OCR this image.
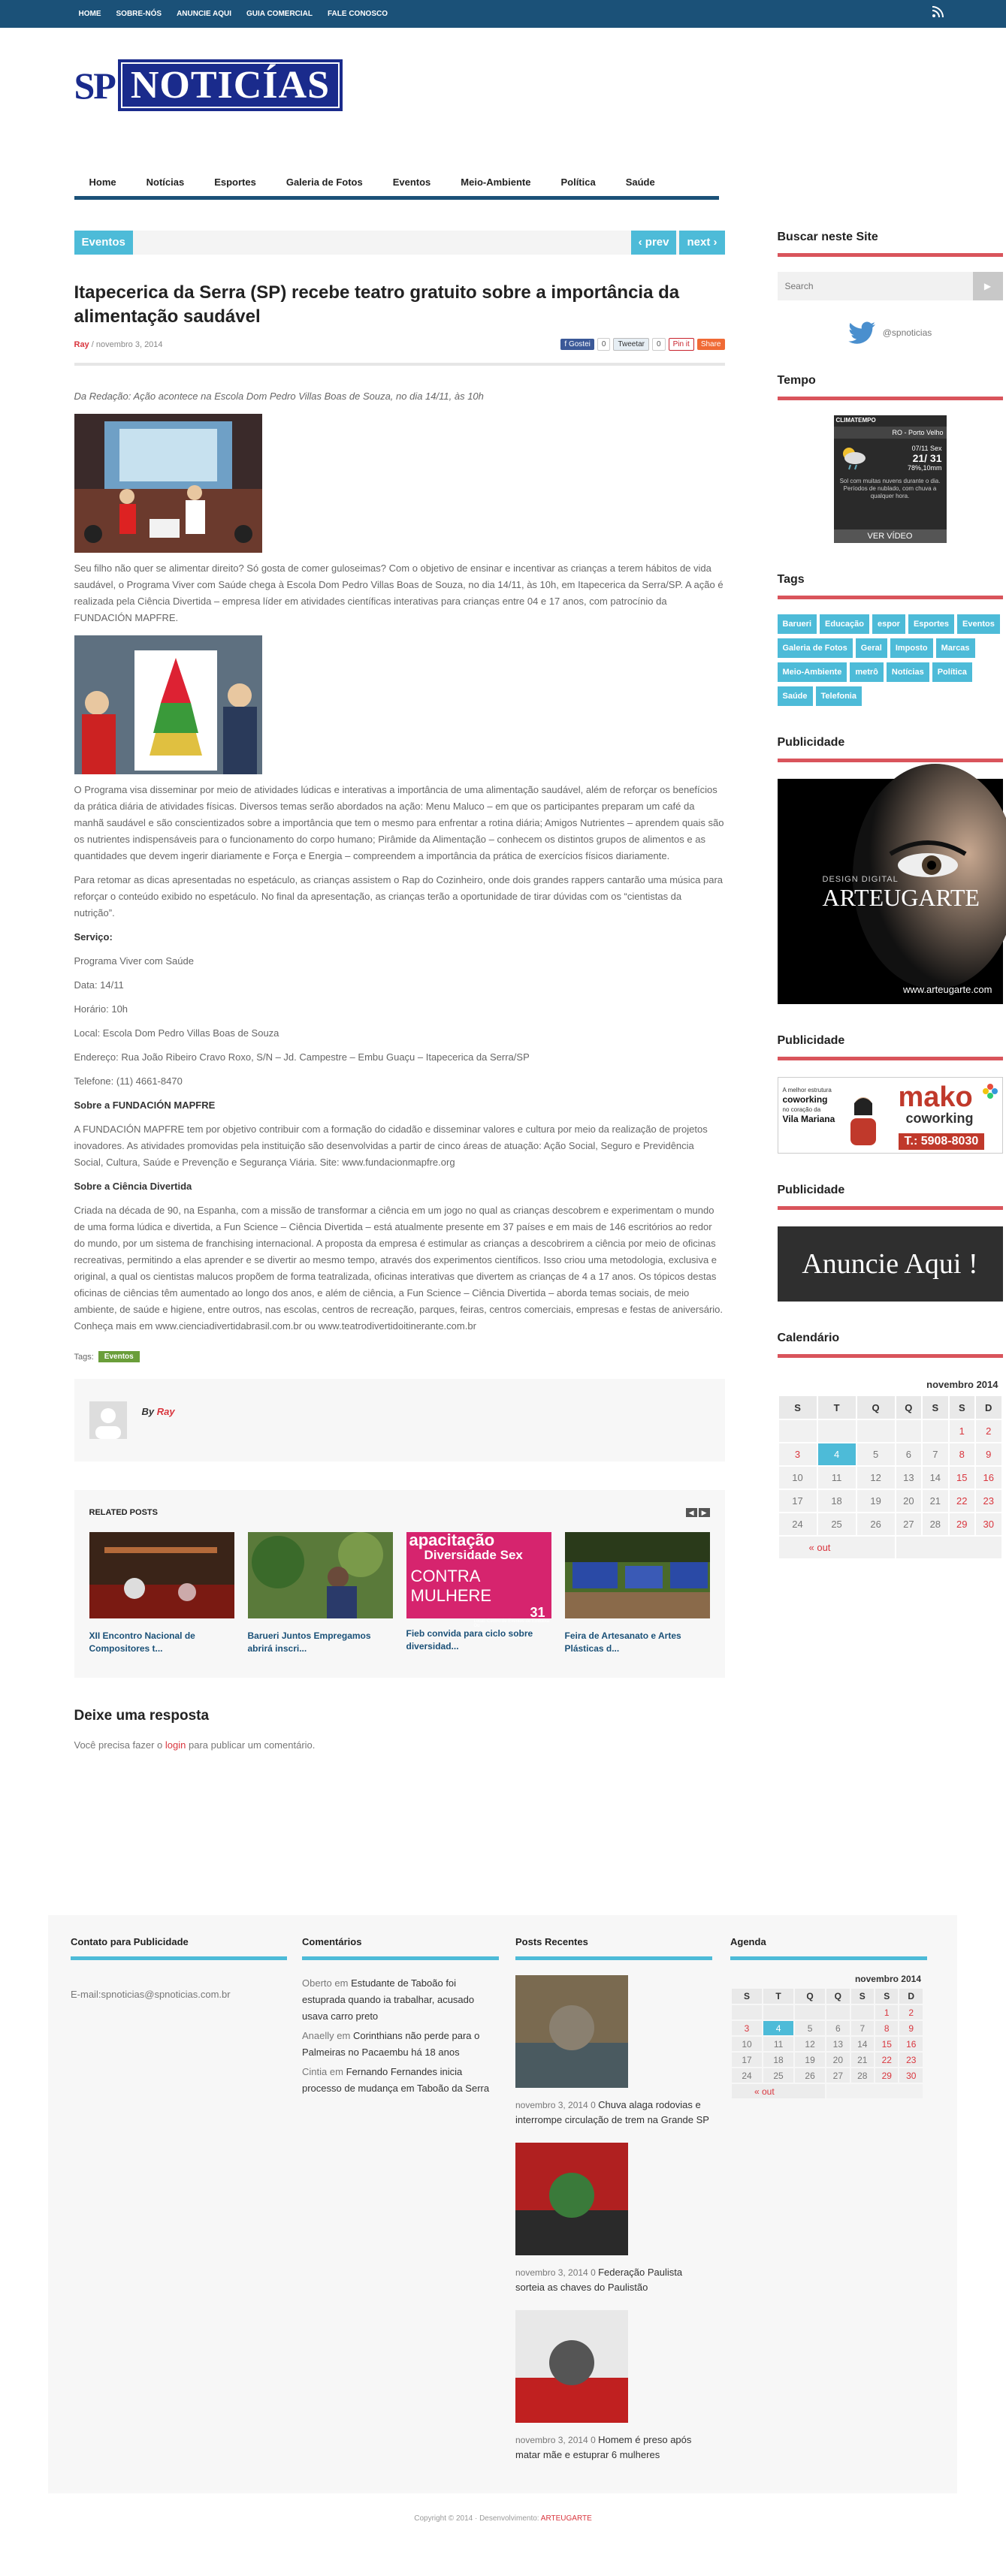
HOME	SOBRE-NÓS	ANUNCIE AQUI	GUIA COMERCIAL	FALE CONOSCO
SP NOTICÍAS
Home	Notícias	Esportes	Galeria de Fotos	Eventos	Meio-Ambiente	Política	Saúde
Eventos	‹ prev	next ›
Itapecerica da Serra (SP) recebe teatro gratuito sobre a importância da alimentação saudável
Ray / novembro 3, 2014	f Gostei	0	Tweetar	0	Pin it	Share

Da Redação: Ação acontece na Escola Dom Pedro Villas Boas de Souza, no dia 14/11, às 10h

Seu filho não quer se alimentar direito? Só gosta de comer guloseimas? Com o objetivo de ensinar e incentivar as crianças a terem hábitos de vida saudável, o Programa Viver com Saúde chega à Escola Dom Pedro Villas Boas de Souza, no dia 14/11, às 10h, em Itapecerica da Serra/SP. A ação é realizada pela Ciência Divertida – empresa líder em atividades científicas interativas para crianças entre 04 e 17 anos, com patrocínio da FUNDACIÓN MAPFRE.

O Programa visa disseminar por meio de atividades lúdicas e interativas a importância de uma alimentação saudável, além de reforçar os benefícios da prática diária de atividades físicas. Diversos temas serão abordados na ação: Menu Maluco – em que os participantes preparam um café da manhã saudável e são conscientizados sobre a importância que tem o mesmo para enfrentar a rotina diária; Amigos Nutrientes – aprendem quais são os nutrientes indispensáveis para o funcionamento do corpo humano; Pirâmide da Alimentação – conhecem os distintos grupos de alimentos e as quantidades que devem ingerir diariamente e Força e Energia – compreendem a importância da prática de exercícios físicos diariamente.

Para retomar as dicas apresentadas no espetáculo, as crianças assistem o Rap do Cozinheiro, onde dois grandes rappers cantarão uma música para reforçar o conteúdo exibido no espetáculo. No final da apresentação, as crianças terão a oportunidade de tirar dúvidas com os “cientistas da nutrição”.

Serviço:

Programa Viver com Saúde

Data: 14/11

Horário: 10h

Local: Escola Dom Pedro Villas Boas de Souza

Endereço: Rua João Ribeiro Cravo Roxo, S/N – Jd. Campestre – Embu Guaçu – Itapecerica da Serra/SP

Telefone: (11) 4661-8470

Sobre a FUNDACIÓN MAPFRE

A FUNDACIÓN MAPFRE tem por objetivo contribuir com a formação do cidadão e disseminar valores e cultura por meio da realização de projetos inovadores. As atividades promovidas pela instituição são desenvolvidas a partir de cinco áreas de atuação: Ação Social, Seguro e Previdência Social, Cultura, Saúde e Prevenção e Segurança Viária. Site: www.fundacionmapfre.org

Sobre a Ciência Divertida

Criada na década de 90, na Espanha, com a missão de transformar a ciência em um jogo no qual as crianças descobrem e experimentam o mundo de uma forma lúdica e divertida, a Fun Science – Ciência Divertida – está atualmente presente em 37 países e em mais de 146 escritórios ao redor do mundo, por um sistema de franchising internacional. A proposta da empresa é estimular as crianças a descobrirem a ciência por meio de oficinas recreativas, permitindo a elas aprender e se divertir ao mesmo tempo, através dos experimentos científicos. Isso criou uma metodologia, exclusiva e original, a qual os cientistas malucos propõem de forma teatralizada, oficinas interativas que divertem as crianças de 4 a 17 anos. Os tópicos destas oficinas de ciências têm aumentado ao longo dos anos, e além de ciência, a Fun Science – Ciência Divertida – aborda temas sociais, de meio ambiente, de saúde e higiene, entre outros, nas escolas, centros de recreação, parques, feiras, centros comerciais, empresas e festas de aniversário. Conheça mais em www.cienciadivertidabrasil.com.br ou www.teatrodivertidoitinerante.com.br

Tags:	Eventos
By Ray
RELATED POSTS	◀ ▶
XII Encontro Nacional de Compositores t...
Barueri Juntos Empregamos abrirá inscri...
apacitação
Diversidade Sex
CONTRA MULHERE
31
Local: Centro de Eventos de Embaixa Gu
Fieb convida para ciclo sobre diversidad...
Feira de Artesanato e Artes Plásticas d...
Deixe uma resposta

Você precisa fazer o login para publicar um comentário.

Buscar neste Site
Search
▶
@spnoticias
Tempo
CLIMATEMPO
RO - Porto Velho
07/11 Sex
21/ 31
78%,10mm
Sol com muitas nuvens durante o dia. Períodos de nublado, com chuva a qualquer hora.
VER VÍDEO
Tags
Barueri	Educação	espor	Esportes	Eventos
Galeria de Fotos	Geral	Imposto	Marcas
Meio-Ambiente	metrô	Notícias	Política
Saúde	Telefonia
Publicidade
DESIGN DIGITAL
ARTEUGARTE
www.arteugarte.com
Publicidade
A melhor estrutura
coworking
no coração da
Vila Mariana
mako
coworking
T.: 5908-8030
Publicidade
Anuncie Aqui !
Calendário
novembro 2014
S	T	Q	Q	S	S	D
					1	2
3	4	5	6	7	8	9
10	11	12	13	14	15	16
17	18	19	20	21	22	23
24	25	26	27	28	29	30
« out						
Contato para Publicidade
E-mail:spnoticias@spnoticias.com.br
Comentários
Oberto em Estudante de Taboão foi estuprada quando ia trabalhar, acusado usava carro preto
Anaelly em Corinthians não perde para o Palmeiras no Pacaembu há 18 anos
Cintia em Fernando Fernandes inicia processo de mudança em Taboão da Serra
Posts Recentes
novembro 3, 2014 0 Chuva alaga rodovias e interrompe circulação de trem na Grande SP
novembro 3, 2014 0 Federação Paulista sorteia as chaves do Paulistão
novembro 3, 2014 0 Homem é preso após matar mãe e estuprar 6 mulheres
Agenda
novembro 2014
S	T	Q	Q	S	S	D
					1	2
3	4	5	6	7	8	9
10	11	12	13	14	15	16
17	18	19	20	21	22	23
24	25	26	27	28	29	30
« out						
Copyright © 2014 · Desenvolvimento: ARTEUGARTE
